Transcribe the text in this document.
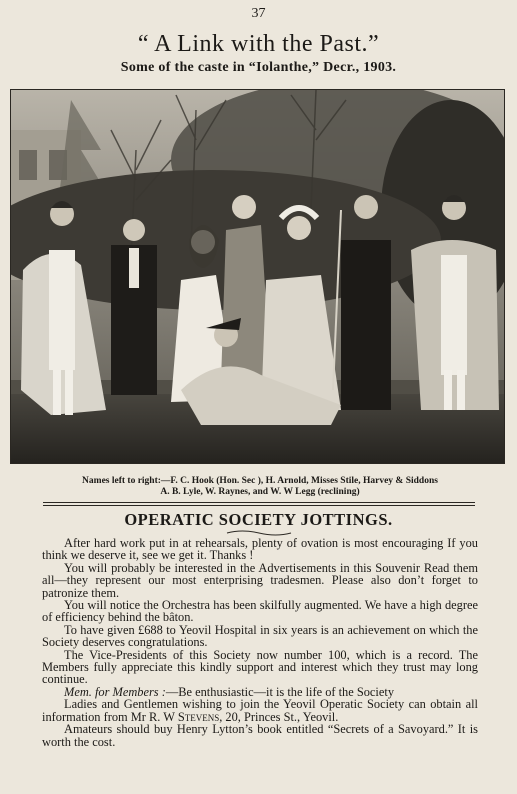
37
“ A Link with the Past.”
Some of the caste in “Iolanthe,” Decr., 1903.
Names left to right:—F. C. Hook (Hon. Sec ), H. Arnold, Misses Stile, Harvey & Siddons
A. B. Lyle, W. Raynes, and W. W Legg (reclining)
OPERATIC SOCIETY JOTTINGS.

After hard work put in at rehearsals, plenty of ovation is most encouraging If you think we deserve it, see we get it. Thanks !

You will probably be interested in the Advertisements in this Souvenir Read them all—they represent our most enterprising tradesmen. Please also don’t forget to patronize them.

You will notice the Orchestra has been skilfully augmented. We have a high degree of efficiency behind the bâton.

To have given £688 to Yeovil Hospital in six years is an achievement on which the Society deserves congratulations.

The Vice-Presidents of this Society now number 100, which is a record. The Members fully appreciate this kindly support and interest which they trust may long continue.

Mem. for Members :—Be enthusiastic—it is the life of the Society

Ladies and Gentlemen wishing to join the Yeovil Operatic Society can obtain all information from Mr R. W Stevens, 20, Princes St., Yeovil.

Amateurs should buy Henry Lytton’s book entitled “Secrets of a Savoyard.” It is worth the cost.
